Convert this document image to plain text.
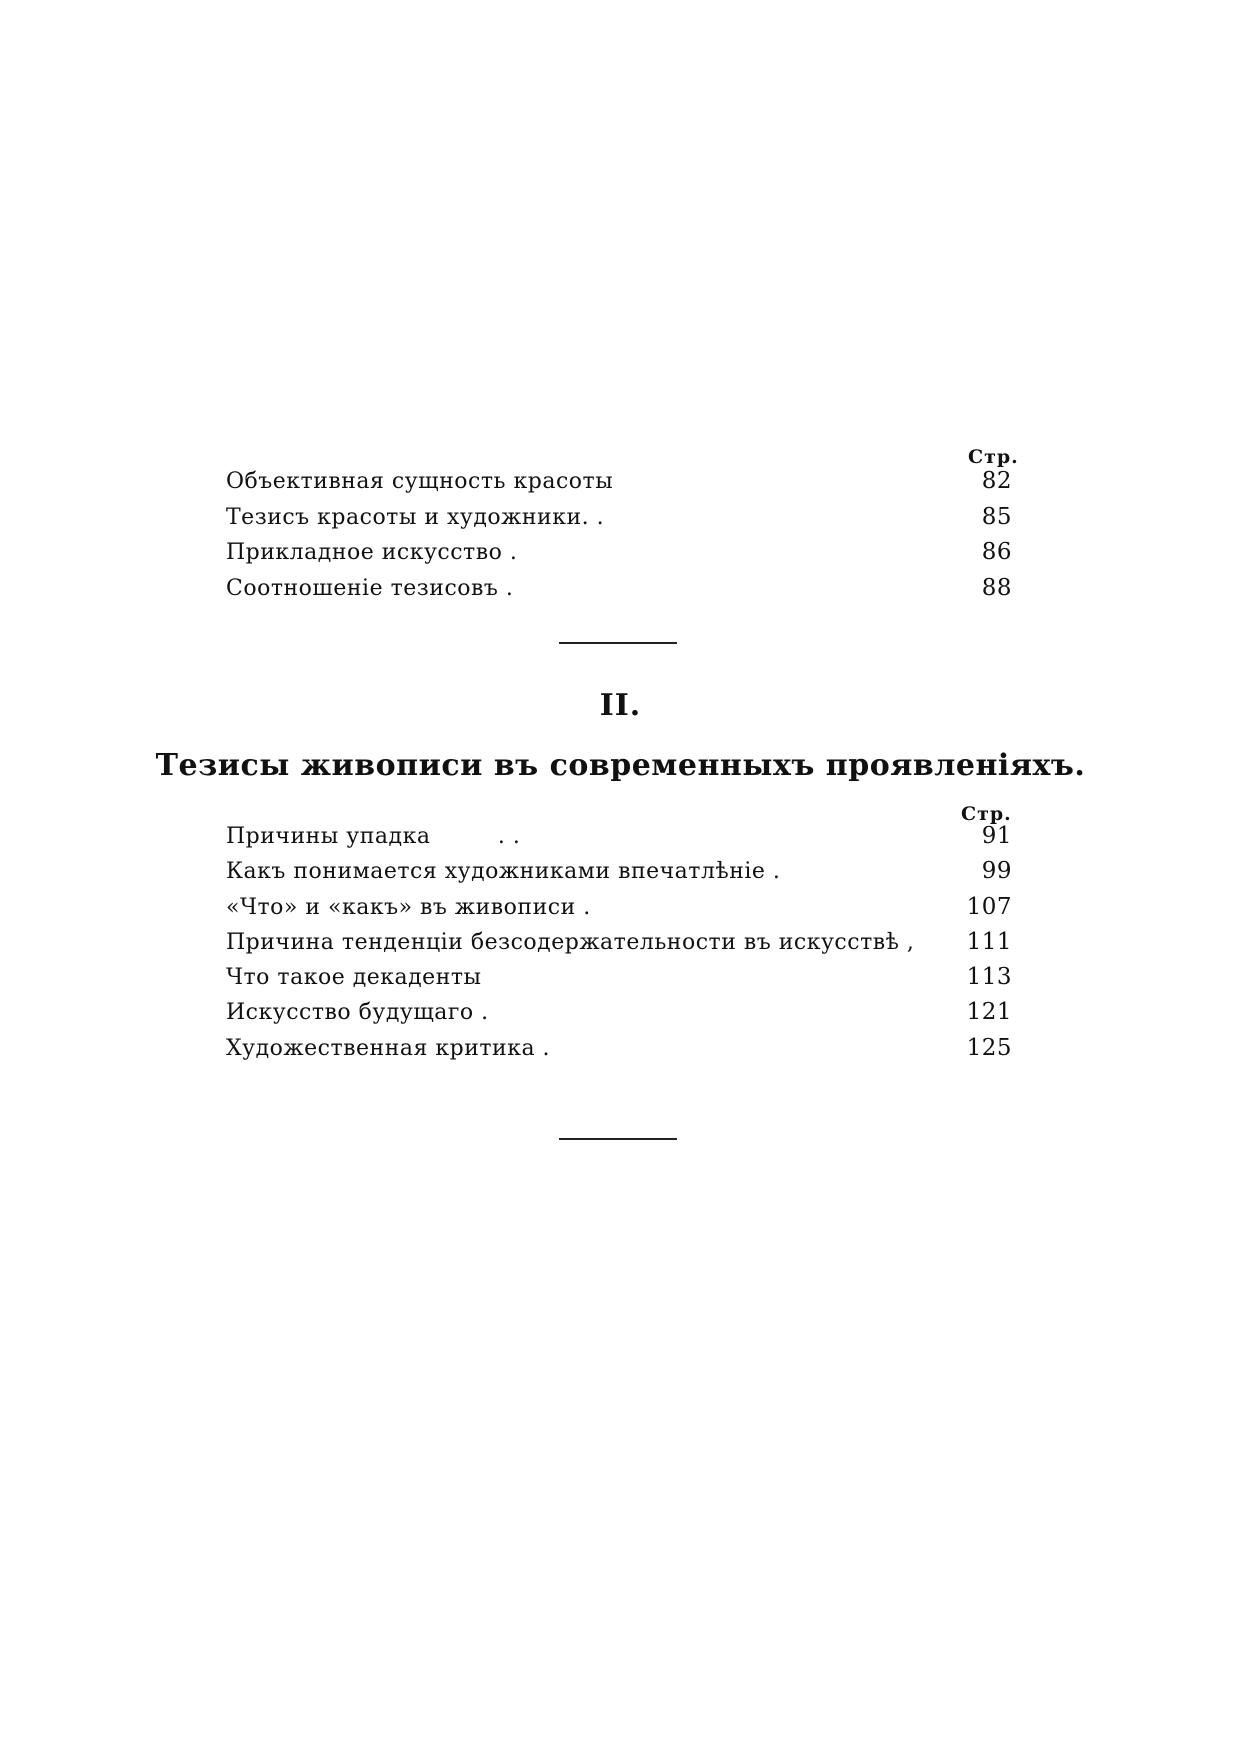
Стр.
Объективная сущность красоты	82
Тезисъ красоты и художники. .	85
Прикладное искусство .	86
Соотношеніе тезисовъ .	88
II.
Тезисы живописи въ современныхъ проявленіяхъ.
Стр.
Причины упадка         . .	91
Какъ понимается художниками впечатлѣніе .	99
«Что» и «какъ» въ живописи .	107
Причина тенденціи безсодержательности въ искусствѣ ,	111
Что такое декаденты	113
Искусство будущаго .	121
Художественная критика .	125
